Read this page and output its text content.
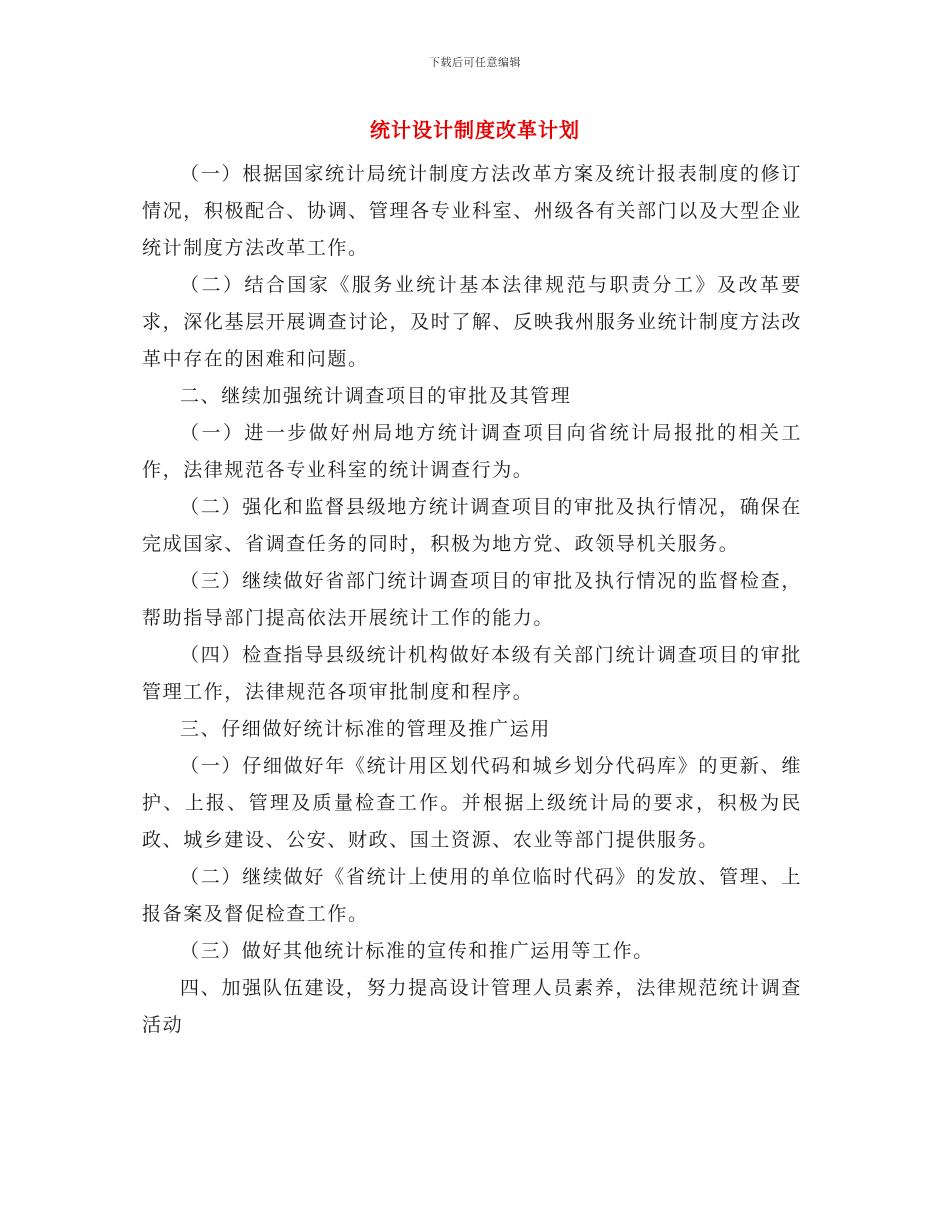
下载后可任意编辑
统计设计制度改革计划

（一）根据国家统计局统计制度方法改革方案及统计报表制度的修订情况，积极配合、协调、管理各专业科室、州级各有关部门以及大型企业统计制度方法改革工作。

（二）结合国家《服务业统计基本法律规范与职责分工》及改革要求，深化基层开展调查讨论，及时了解、反映我州服务业统计制度方法改革中存在的困难和问题。

二、继续加强统计调查项目的审批及其管理

（一）进一步做好州局地方统计调查项目向省统计局报批的相关工作，法律规范各专业科室的统计调查行为。

（二）强化和监督县级地方统计调查项目的审批及执行情况，确保在完成国家、省调查任务的同时，积极为地方党、政领导机关服务。

（三）继续做好省部门统计调查项目的审批及执行情况的监督检查，帮助指导部门提高依法开展统计工作的能力。

（四）检查指导县级统计机构做好本级有关部门统计调查项目的审批管理工作，法律规范各项审批制度和程序。

三、仔细做好统计标准的管理及推广运用

（一）仔细做好年《统计用区划代码和城乡划分代码库》的更新、维护、上报、管理及质量检查工作。并根据上级统计局的要求，积极为民政、城乡建设、公安、财政、国土资源、农业等部门提供服务。

（二）继续做好《省统计上使用的单位临时代码》的发放、管理、上报备案及督促检查工作。

（三）做好其他统计标准的宣传和推广运用等工作。

四、加强队伍建设，努力提高设计管理人员素养，法律规范统计调查活动
